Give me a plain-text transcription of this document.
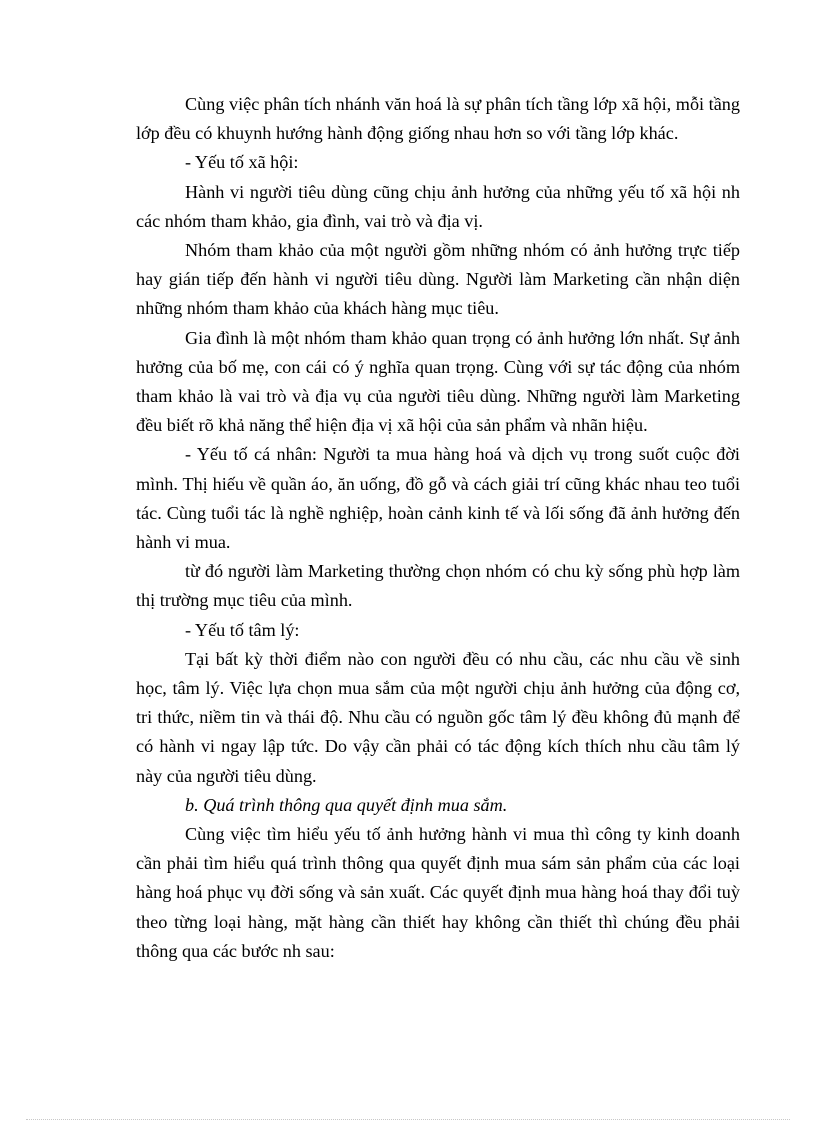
Cùng việc phân tích nhánh văn hoá là sự phân tích tầng lớp xã hội, mỗi tầng lớp đều có khuynh hướng hành động giống nhau hơn so với tầng lớp khác.

- Yếu tố xã hội:

Hành vi người tiêu dùng cũng chịu ảnh hưởng của những yếu tố xã hội nh các nhóm tham khảo, gia đình, vai trò và địa vị.

Nhóm tham khảo của một người gồm những nhóm có ảnh hưởng trực tiếp hay gián tiếp đến hành vi người tiêu dùng. Người làm Marketing cần nhận diện những nhóm tham khảo của khách hàng mục tiêu.

Gia đình là một nhóm tham khảo quan trọng có ảnh hưởng lớn nhất. Sự ảnh hưởng của bố mẹ, con cái có ý nghĩa quan trọng. Cùng với sự tác động của nhóm tham khảo là vai trò và địa vụ của người tiêu dùng. Những người làm Marketing đều biết rõ khả năng thể hiện địa vị xã hội của sản phẩm và nhãn hiệu.

- Yếu tố cá nhân: Người ta mua hàng hoá và dịch vụ trong suốt cuộc đời mình. Thị hiếu về quần áo, ăn uống, đồ gỗ và cách giải trí cũng khác nhau teo tuổi tác. Cùng tuổi tác là nghề nghiệp, hoàn cảnh kinh tế và lối sống đã ảnh hưởng đến hành vi mua.

từ đó người làm Marketing thường chọn nhóm có chu kỳ sống phù hợp làm thị trường mục tiêu của mình.

- Yếu tố tâm lý:

Tại bất kỳ thời điểm nào con người đều có nhu cầu, các nhu cầu về sinh học, tâm lý. Việc lựa chọn mua sắm của một người chịu ảnh hưởng của động cơ, tri thức, niềm tin và thái độ. Nhu cầu có nguồn gốc tâm lý đều không đủ mạnh để có hành vi ngay lập tức. Do vậy cần phải có tác động kích thích nhu cầu tâm lý này của người tiêu dùng.

b. Quá trình thông qua quyết định mua sắm.

Cùng việc tìm hiểu yếu tố ảnh hưởng hành vi mua thì công ty kinh doanh cần phải tìm hiểu quá trình thông qua quyết định mua sám sản phẩm của các loại hàng hoá phục vụ đời sống và sản xuất. Các quyết định mua hàng hoá thay đổi tuỳ theo từng loại hàng, mặt hàng cần thiết hay không cần thiết thì chúng đều phải thông qua các bước nh sau:
